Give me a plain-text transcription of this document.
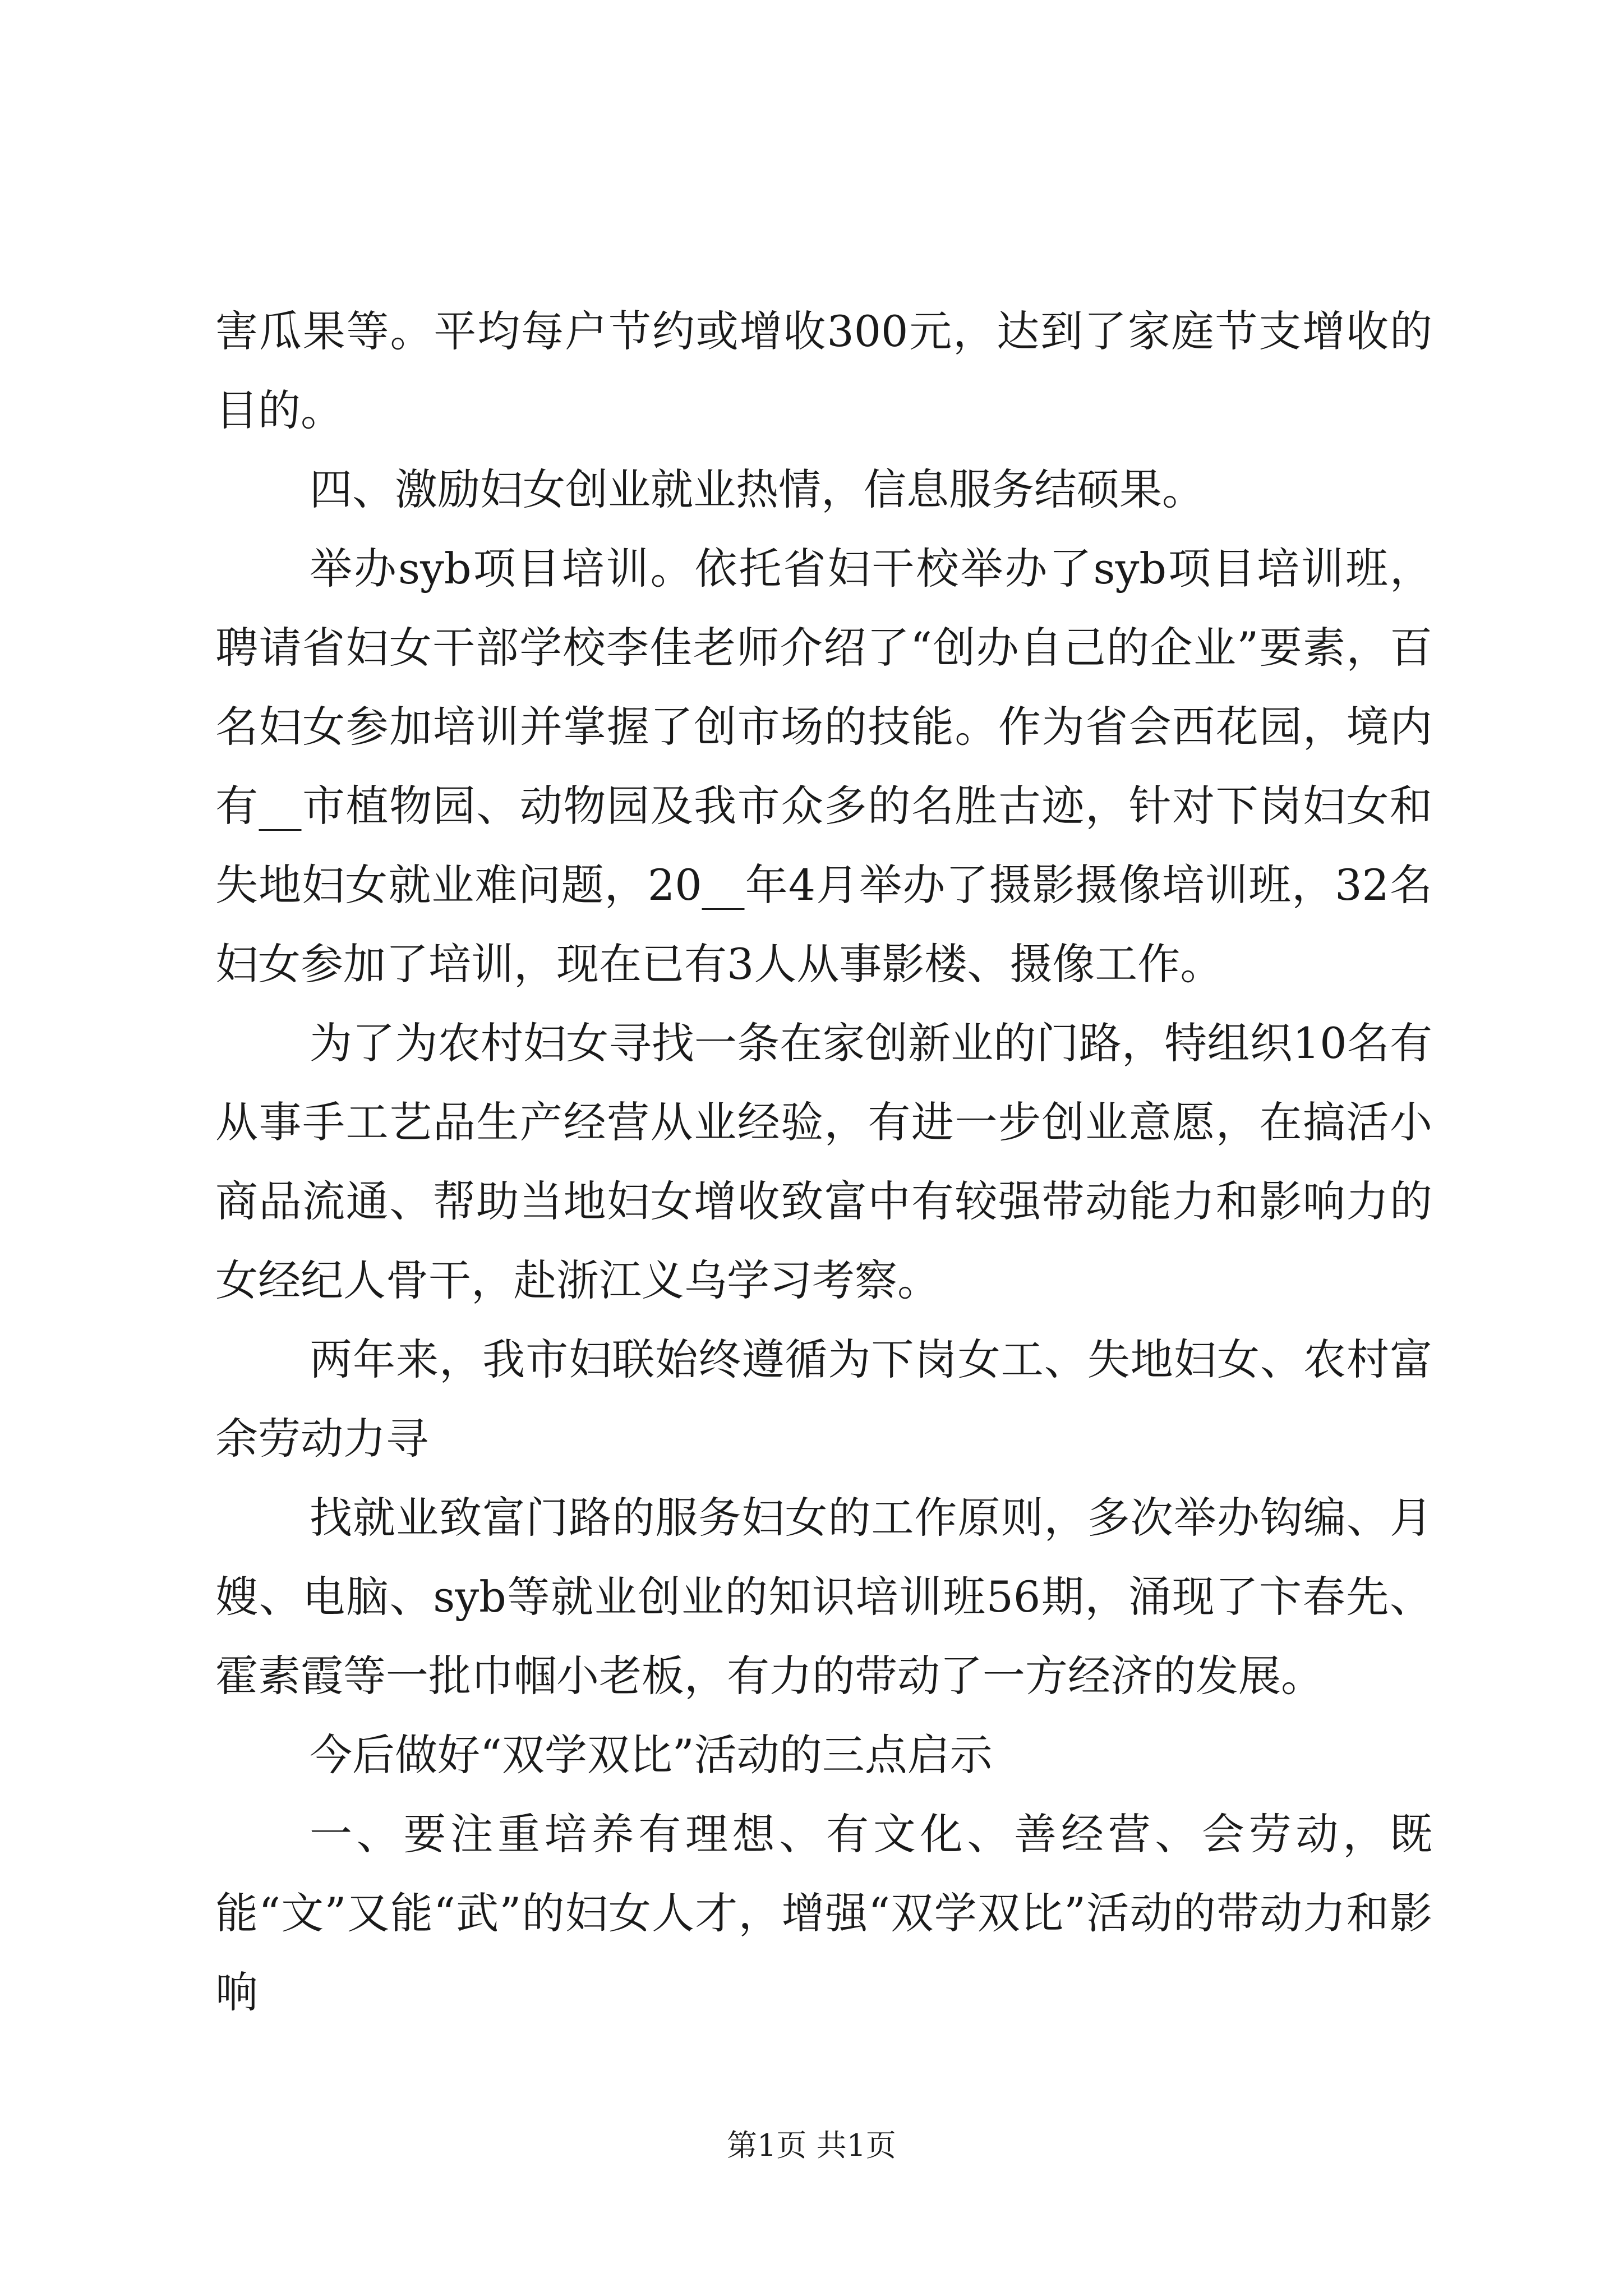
害瓜果等。平均每户节约或增收300元，达到了家庭节支增收的目的。

四、激励妇女创业就业热情，信息服务结硕果。

举办syb项目培训。依托省妇干校举办了syb项目培训班，聘请省妇女干部学校李佳老师介绍了“创办自己的企业”要素，百名妇女参加培训并掌握了创市场的技能。作为省会西花园，境内有__市植物园、动物园及我市众多的名胜古迹，针对下岗妇女和失地妇女就业难问题，20__年4月举办了摄影摄像培训班，32名妇女参加了培训，现在已有3人从事影楼、摄像工作。

为了为农村妇女寻找一条在家创新业的门路，特组织10名有从事手工艺品生产经营从业经验，有进一步创业意愿，在搞活小商品流通、帮助当地妇女增收致富中有较强带动能力和影响力的女经纪人骨干，赴浙江义乌学习考察。

两年来，我市妇联始终遵循为下岗女工、失地妇女、农村富余劳动力寻

找就业致富门路的服务妇女的工作原则，多次举办钩编、月嫂、电脑、syb等就业创业的知识培训班56期，涌现了卞春先、霍素霞等一批巾帼小老板，有力的带动了一方经济的发展。

今后做好“双学双比”活动的三点启示

一、要注重培养有理想、有文化、善经营、会劳动，既能“文”又能“武”的妇女人才，增强“双学双比”活动的带动力和影响

第1页 共1页
